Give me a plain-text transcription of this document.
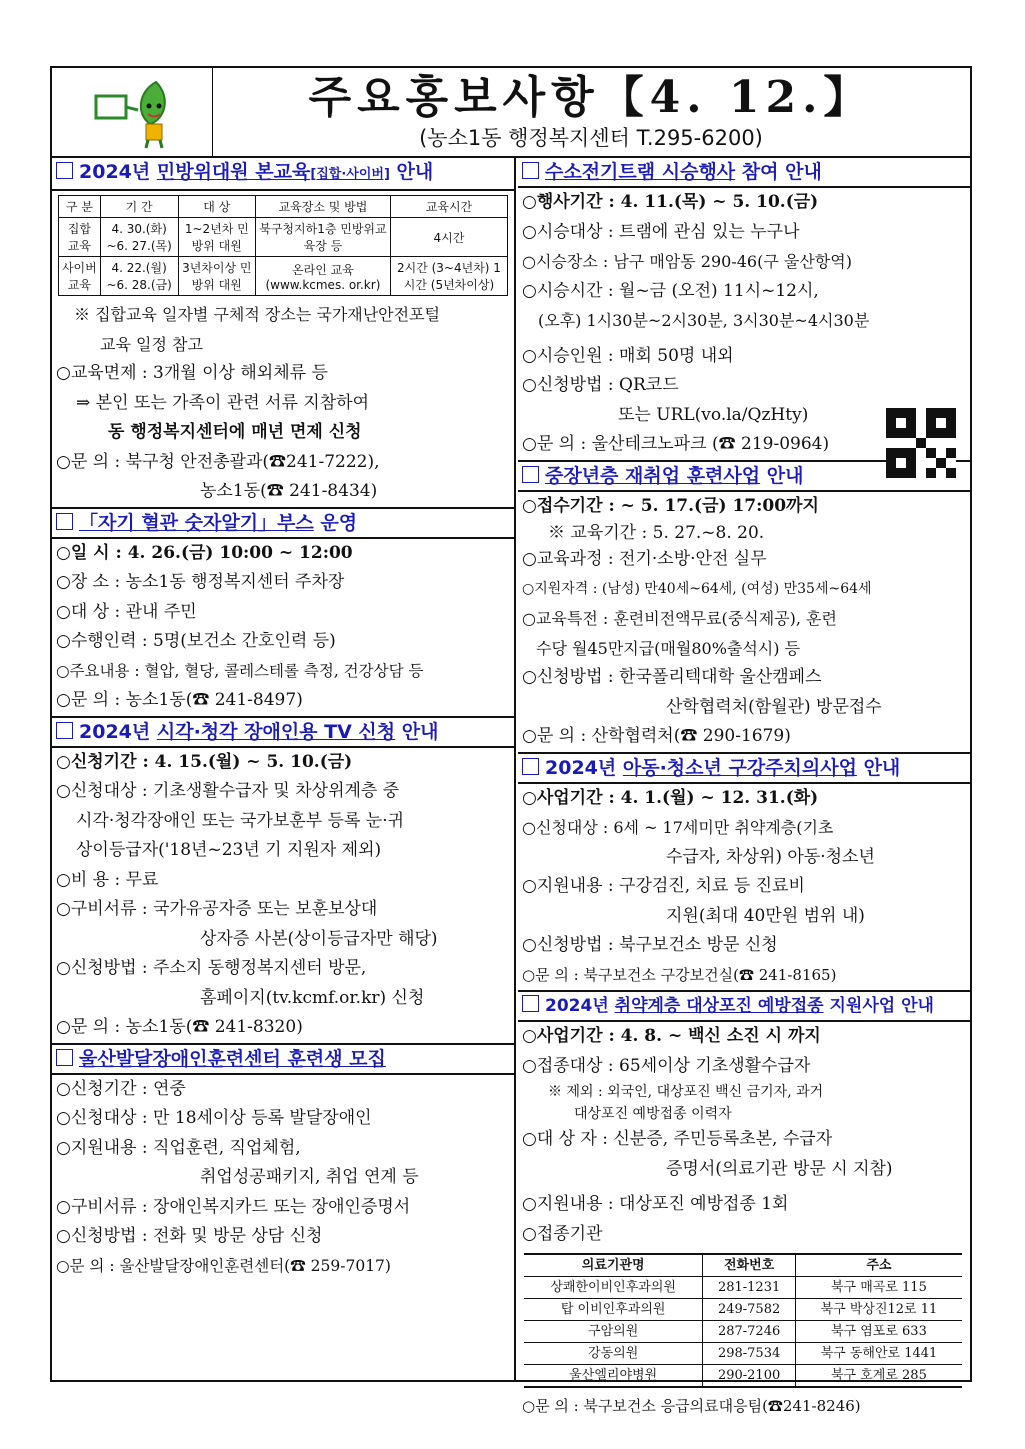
주요홍보사항【4. 12.】
(농소1동 행정복지센터 T.295-6200)
2024년 민방위대원 본교육[집합·사이버] 안내
구 분	기 간	대 상	교육장소 및 방법	교육시간
집합 교육	4. 30.(화) ~6. 27.(목)	1~2년차 민방위 대원	북구청지하1층 민방위교육장 등	4시간
사이버 교육	4. 22.(월) ~6. 28.(금)	3년차이상 민방위 대원	온라인 교육 (www.kcmes. or.kr)	2시간 (3~4년차) 1시간 (5년차이상)
※ 집합교육 일자별 구체적 장소는 국가재난안전포털
교육 일정 참고
○교육면제 : 3개월 이상 해외체류 등
⇒ 본인 또는 가족이 관련 서류 지참하여
동 행정복지센터에 매년 면제 신청
○문 의 : 북구청 안전총괄과(☎241-7222),
농소1동(☎ 241-8434)
「자기 혈관 숫자알기」부스 운영
○일 시 : 4. 26.(금) 10:00 ~ 12:00
○장 소 : 농소1동 행정복지센터 주차장
○대 상 : 관내 주민
○수행인력 : 5명(보건소 간호인력 등)
○주요내용 : 혈압, 혈당, 콜레스테롤 측정, 건강상담 등
○문 의 : 농소1동(☎ 241-8497)
2024년 시각·청각 장애인용 TV 신청 안내
○신청기간 : 4. 15.(월) ~ 5. 10.(금)
○신청대상 : 기초생활수급자 및 차상위계층 중
시각·청각장애인 또는 국가보훈부 등록 눈·귀
상이등급자('18년~23년 기 지원자 제외)
○비 용 : 무료
○구비서류 : 국가유공자증 또는 보훈보상대
상자증 사본(상이등급자만 해당)
○신청방법 : 주소지 동행정복지센터 방문,
홈페이지(tv.kcmf.or.kr) 신청
○문 의 : 농소1동(☎ 241-8320)
울산발달장애인훈련센터 훈련생 모집
○신청기간 : 연중
○신청대상 : 만 18세이상 등록 발달장애인
○지원내용 : 직업훈련, 직업체험,
취업성공패키지, 취업 연계 등
○구비서류 : 장애인복지카드 또는 장애인증명서
○신청방법 : 전화 및 방문 상담 신청
○문 의 : 울산발달장애인훈련센터(☎ 259-7017)
수소전기트램 시승행사 참여 안내
○행사기간 : 4. 11.(목) ~ 5. 10.(금)
○시승대상 : 트램에 관심 있는 누구나
○시승장소 : 남구 매암동 290-46(구 울산항역)
○시승시간 : 월~금 (오전) 11시~12시,
(오후) 1시30분~2시30분, 3시30분~4시30분
○시승인원 : 매회 50명 내외
○신청방법 : QR코드
또는 URL(vo.la/QzHty)
○문 의 : 울산테크노파크 (☎ 219-0964)
중장년층 재취업 훈련사업 안내
○접수기간 : ~ 5. 17.(금) 17:00까지
※ 교육기간 : 5. 27.~8. 20.
○교육과정 : 전기·소방·안전 실무
○지원자격 : (남성) 만40세~64세, (여성) 만35세~64세
○교육특전 : 훈련비전액무료(중식제공), 훈련
수당 월45만지급(매월80%출석시) 등
○신청방법 : 한국폴리텍대학 울산캠페스
산학협력처(함월관) 방문접수
○문 의 : 산학협력처(☎ 290-1679)
2024년 아동·청소년 구강주치의사업 안내
○사업기간 : 4. 1.(월) ~ 12. 31.(화)
○신청대상 : 6세 ~ 17세미만 취약계층(기초
수급자, 차상위) 아동·청소년
○지원내용 : 구강검진, 치료 등 진료비
지원(최대 40만원 범위 내)
○신청방법 : 북구보건소 방문 신청
○문 의 : 북구보건소 구강보건실(☎ 241-8165)
2024년 취약계층 대상포진 예방접종 지원사업 안내
○사업기간 : 4. 8. ~ 백신 소진 시 까지
○접종대상 : 65세이상 기초생활수급자
※ 제외 : 외국인, 대상포진 백신 금기자, 과거
대상포진 예방접종 이력자
○대 상 자 : 신분증, 주민등록초본, 수급자
증명서(의료기관 방문 시 지참)
○지원내용 : 대상포진 예방접종 1회
○접종기관
의료기관명	전화번호	주소
상쾌한이비인후과의원	281-1231	북구 매곡로 115
탑 이비인후과의원	249-7582	북구 박상진12로 11
구암의원	287-7246	북구 염포로 633
강동의원	298-7534	북구 동해안로 1441
울산엘리야병원	290-2100	북구 호계로 285
○문 의 : 북구보건소 응급의료대응팀(☎241-8246)
